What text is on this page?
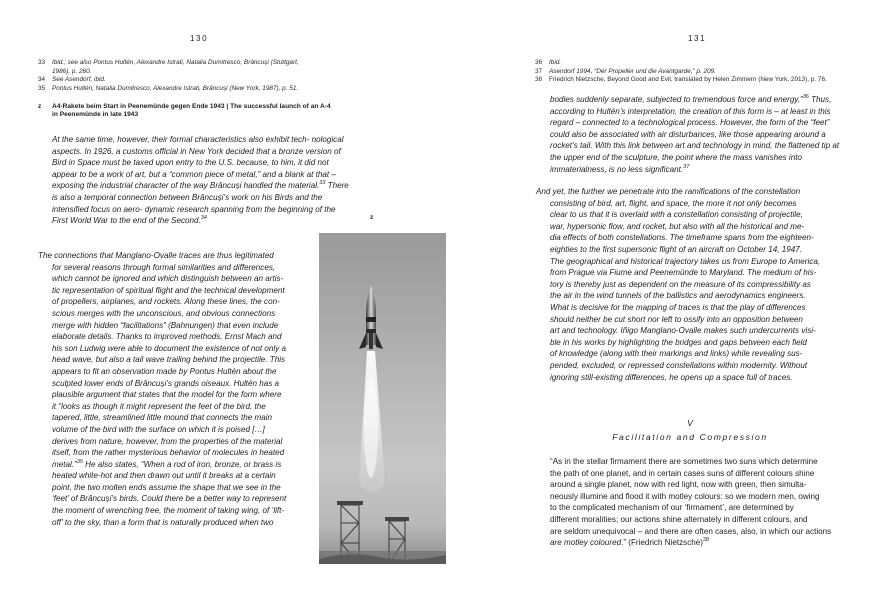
130
33 Ibid.; see also Pontus Hultén, Alexandre Istrati, Natalia Dumitresco, Brâncuși (Stuttgart,
1986), p. 260.
34 See Asendorf, ibid.
35 Pontus Hultén, Natalia Dumitresco, Alexandre Istrati, Brâncuși (New York, 1987), p. 51.
z	A4-Rakete beim Start in Peenemünde gegen Ende 1943 | The successful launch of an A-4
in Peenemünde in late 1943
At the same time, however, their formal characteristics also exhibit tech- nological aspects. In 1926, a customs official in New York decided that a bronze version of Bird in Space must be taxed upon entry to the U.S. because, to him, it did not appear to be a work of art, but a “common piece of metal,” and a blank at that – exposing the industrial character of the way Brâncuși handled the material.$^{33}$ There is also a temporal connection between Brâncuși’s work on his Birds and the intensified focus on aero- dynamic research spanning from the beginning of the First World War to the end of the Second.$^{34}$
The connections that Manglano-Ovalle traces are thus legitimated
for several reasons through formal similarities and differences,
which cannot be ignored and which distinguish between an artis-
tic representation of spiritual flight and the technical development
of propellers, airplanes, and rockets. Along these lines, the con-
scious merges with the unconscious, and obvious connections
merge with hidden “facilitations” (Bahnungen) that even include
elaborate details. Thanks to improved methods, Ernst Mach and
his son Ludwig were able to document the existence of not only a
head wave, but also a tail wave trailing behind the projectile. This
appears to fit an observation made by Pontus Hultén about the
sculpted lower ends of Brâncuși’s grands oiseaux. Hultén has a
plausible argument that states that the model for the form where
it “looks as though it might represent the feet of the bird, the
tapered, little, streamlined little mound that connects the main
volume of the bird with the surface on which it is poised […]
derives from nature, however, from the properties of the material
itself, from the rather mysterious behavior of molecules in heated
metal.”$^{35}$ He also states, “When a rod of iron, bronze, or brass is
heated white-hot and then drawn out until it breaks at a certain
point, the two molten ends assume the shape that we see in the
‘feet’ of Brâncuși’s birds. Could there be a better way to represent
the moment of wrenching free, the moment of taking wing, of ‘lift-
off’ to the sky, than a form that is naturally produced when two
z
131
36 Ibid.
37 Asendorf 1994, “Der Propeller und die Avantgarde,” p. 209.
38 Friedrich Nietzsche, Beyond Good and Evil, translated by Helen Zimmern (New York, 2013), p. 76.
bodies suddenly separate, subjected to tremendous force and energy.”$^{36}$ Thus, according to Hultén’s interpretation, the creation of this form is – at least in this regard – connected to a technological process. However, the form of the “feet” could also be associated with air disturbances, like those appearing around a rocket’s tail. With this link between art and technology in mind, the flattened tip at the upper end of the sculpture, the point where the mass vanishes into immaterialness, is no less significant.$^{37}$
And yet, the further we penetrate into the ramifications of the constellation
consisting of bird, art, flight, and space, the more it not only becomes
clear to us that it is overlaid with a constellation consisting of projectile,
war, hypersonic flow, and rocket, but also with all the historical and me-
dia effects of both constellations. The timeframe spans from the eighteen-
eighties to the first supersonic flight of an aircraft on October 14, 1947.
The geographical and historical trajectory takes us from Europe to America,
from Prague via Fiume and Peenemünde to Maryland. The medium of his-
tory is thereby just as dependent on the measure of its compressibility as
the air in the wind tunnels of the ballistics and aerodynamics engineers.
What is decisive for the mapping of traces is that the play of differences
should neither be cut short nor left to ossify into an opposition between
art and technology. Iñigo Manglano-Ovalle makes such undercurrents visi-
ble in his works by highlighting the bridges and gaps between each field
of knowledge (along with their markings and links) while revealing sus-
pended, excluded, or repressed constellations within modernity. Without
ignoring still-existing differences, he opens up a space full of traces.
V
Facilitation and Compression
“As in the stellar firmament there are sometimes two suns which determine
the path of one planet, and in certain cases suns of different colours shine
around a single planet, now with red light, now with green, then simulta-
neously illumine and flood it with motley colours: so we modern men, owing
to the complicated mechanism of our ‘firmament’, are determined by
different moralities; our actions shine alternately in different colours, and
are seldom unequivocal – and there are often cases, also, in which our actions
are motley coloured.” (Friedrich Nietzsche)$^{38}$
